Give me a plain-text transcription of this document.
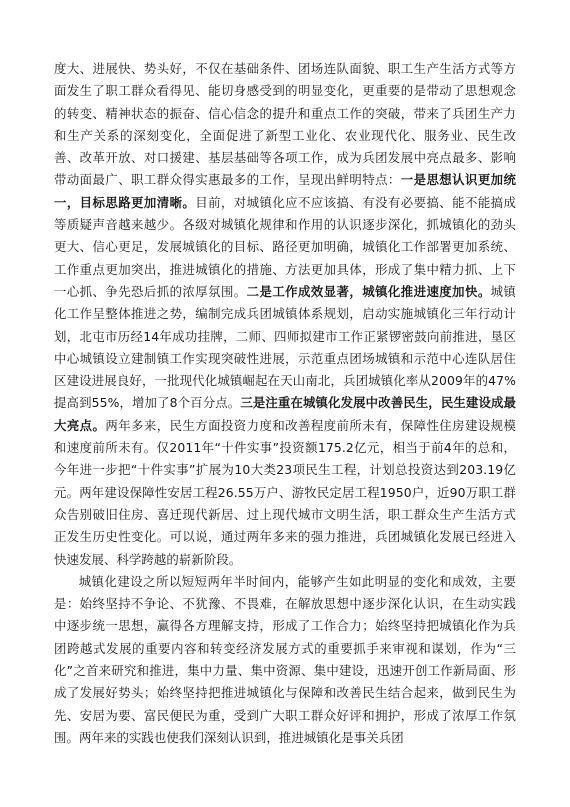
度大、进展快、势头好，不仅在基础条件、团场连队面貌、职工生产生活方式等方面发生了职工群众看得见、能切身感受到的明显变化，更重要的是带动了思想观念的转变、精神状态的振奋、信心信念的提升和重点工作的突破，带来了兵团生产力和生产关系的深刻变化，全面促进了新型工业化、农业现代化、服务业、民生改善、改革开放、对口援建、基层基础等各项工作，成为兵团发展中亮点最多、影响带动面最广、职工群众得实惠最多的工作，呈现出鲜明特点：一是思想认识更加统一，目标思路更加清晰。目前，对城镇化应不应该搞、有没有必要搞、能不能搞成等质疑声音越来越少。各级对城镇化规律和作用的认识逐步深化，抓城镇化的劲头更大、信心更足，发展城镇化的目标、路径更加明确，城镇化工作部署更加系统、工作重点更加突出，推进城镇化的措施、方法更加具体，形成了集中精力抓、上下一心抓、争先恐后抓的浓厚氛围。二是工作成效显著，城镇化推进速度加快。城镇化工作呈整体推进之势，编制完成兵团城镇体系规划，启动实施城镇化三年行动计划，北屯市历经14年成功挂牌，二师、四师拟建市工作正紧锣密鼓向前推进，垦区中心城镇设立建制镇工作实现突破性进展，示范重点团场城镇和示范中心连队居住区建设进展良好，一批现代化城镇崛起在天山南北，兵团城镇化率从2009年的47%提高到55%，增加了8个百分点。三是注重在城镇化发展中改善民生，民生建设成最大亮点。两年多来，民生方面投资力度和改善程度前所未有，保障性住房建设规模和速度前所未有。仅2011年“十件实事”投资额175.2亿元，相当于前4年的总和，今年进一步把“十件实事”扩展为10大类23项民生工程，计划总投资达到203.19亿元。两年建设保障性安居工程26.55万户、游牧民定居工程1950户，近90万职工群众告别破旧住房、喜迁现代新居、过上现代城市文明生活，职工群众生产生活方式正发生历史性变化。可以说，通过两年多来的强力推进，兵团城镇化发展已经进入快速发展、科学跨越的崭新阶段。

城镇化建设之所以短短两年半时间内，能够产生如此明显的变化和成效，主要是：始终坚持不争论、不犹豫、不畏难，在解放思想中逐步深化认识，在生动实践中逐步统一思想，赢得各方理解支持，形成了工作合力；始终坚持把城镇化作为兵团跨越式发展的重要内容和转变经济发展方式的重要抓手来审视和谋划，作为“三化”之首来研究和推进，集中力量、集中资源、集中建设，迅速开创工作新局面、形成了发展好势头；始终坚持把推进城镇化与保障和改善民生结合起来，做到民生为先、安居为要、富民便民为重，受到广大职工群众好评和拥护，形成了浓厚工作氛围。两年来的实践也使我们深刻认识到，推进城镇化是事关兵团
